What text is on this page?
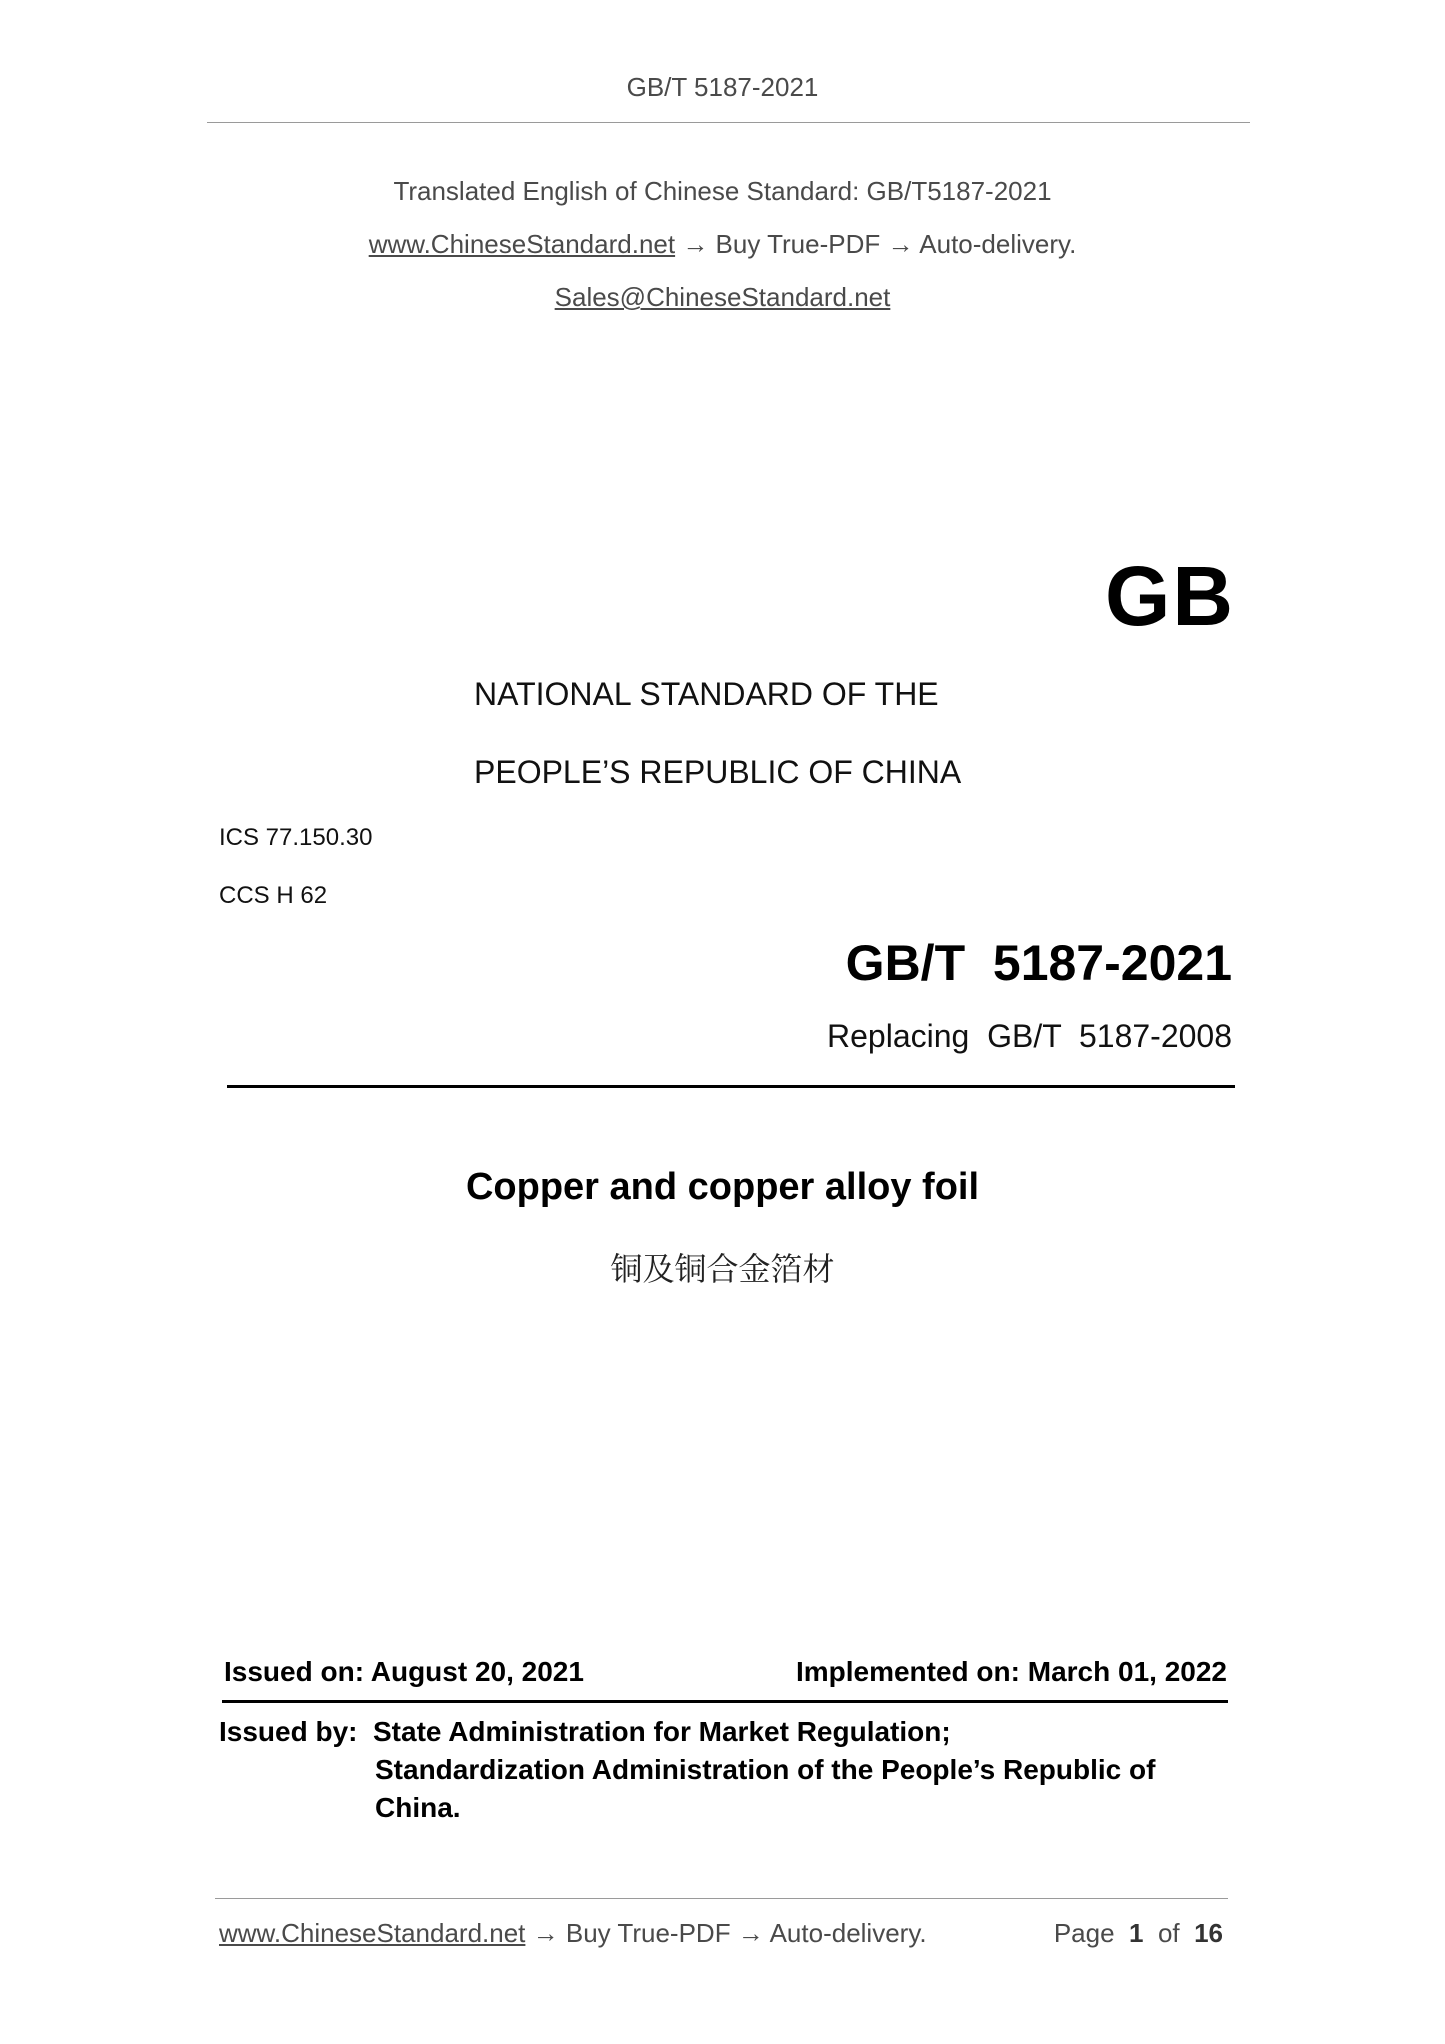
GB/T 5187-2021
Translated English of Chinese Standard: GB/T5187-2021
www.ChineseStandard.net → Buy True-PDF → Auto-delivery.
Sales@ChineseStandard.net
GB
NATIONAL STANDARD OF THE
PEOPLE’S REPUBLIC OF CHINA
ICS 77.150.30
CCS H 62
GB/T  5187-2021
Replacing  GB/T  5187-2008
Copper and copper alloy foil
铜及铜合金箔材
Issued on: August 20, 2021	Implemented on: March 01, 2022
Issued by: State Administration for Market Regulation;
Standardization Administration of the People’s Republic of
China.
www.ChineseStandard.net → Buy True-PDF → Auto-delivery.	Page 1 of 16
